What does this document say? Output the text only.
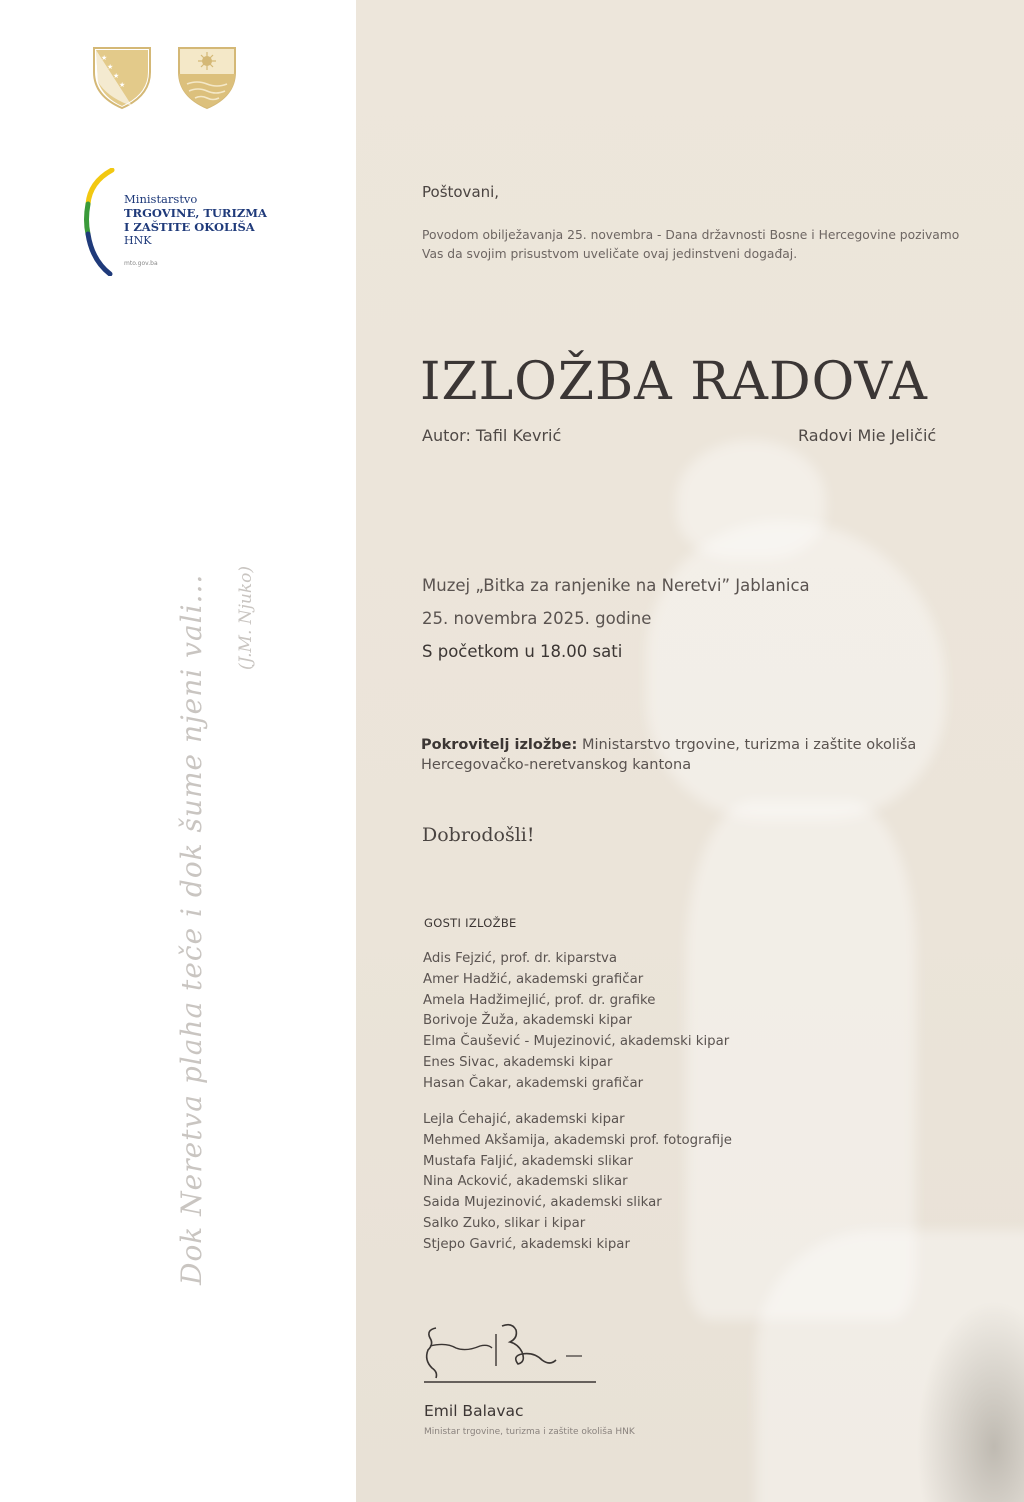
★
★
★
★
Ministarstvo
TRGOVINE, TURIZMA
I ZAŠTITE OKOLIŠA
HNK
mto.gov.ba
Dok Neretva plaha teče i dok šume njeni vali... (J.M. Njuko)
Poštovani,
Povodom obilježavanja 25. novembra - Dana državnosti Bosne i Hercegovine pozivamo Vas da svojim prisustvom uveličate ovaj jedinstveni događaj.
IZLOŽBA RADOVA
Autor: Tafil Kevrić	Radovi Mie Jeličić
Muzej „Bitka za ranjenike na Neretvi” Jablanica
25. novembra 2025. godine
S početkom u 18.00 sati
Pokrovitelj izložbe: Ministarstvo trgovine, turizma i zaštite okoliša Hercegovačko-neretvanskog kantona
Dobrodošli!
GOSTI IZLOŽBE
Adis Fejzić, prof. dr. kiparstva
Amer Hadžić, akademski grafičar
Amela Hadžimejlić, prof. dr. grafike
Borivoje Žuža, akademski kipar
Elma Čaušević - Mujezinović, akademski kipar
Enes Sivac, akademski kipar
Hasan Čakar, akademski grafičar
Lejla Ćehajić, akademski kipar
Mehmed Akšamija, akademski prof. fotografije
Mustafa Faljić, akademski slikar
Nina Acković, akademski slikar
Saida Mujezinović, akademski slikar
Salko Zuko, slikar i kipar
Stjepo Gavrić, akademski kipar
Emil Balavac
Ministar trgovine, turizma i zaštite okoliša HNK
